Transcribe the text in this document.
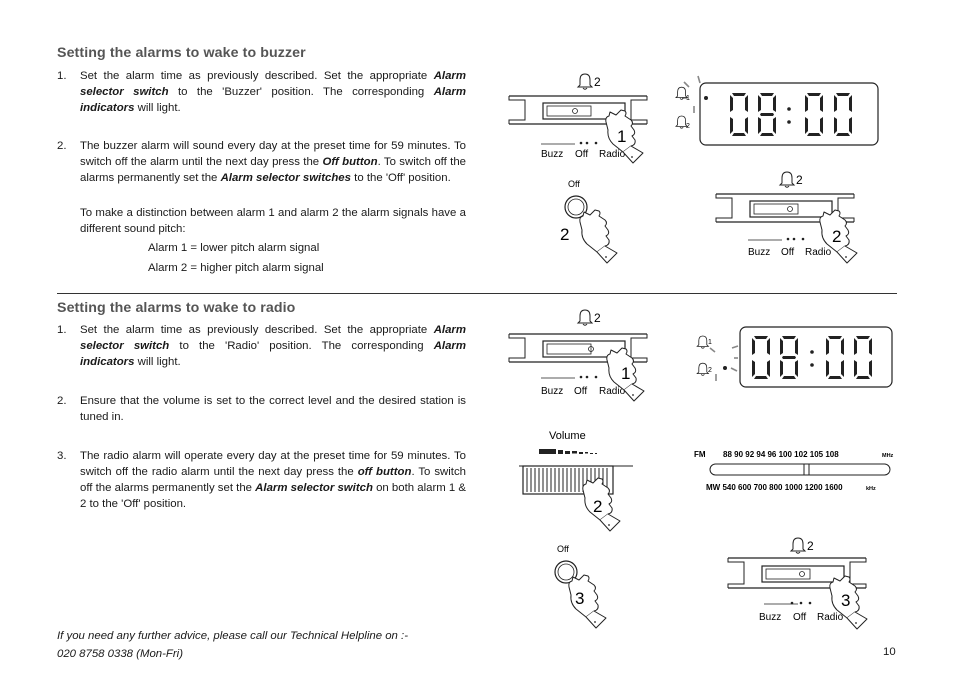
Setting the alarms to wake to buzzer
1. Set the alarm time as previously described. Set the appropriate Alarm selector switch to the 'Buzzer' position. The corresponding Alarm indicators will light.
2. The buzzer alarm will sound every day at the preset time for 59 minutes. To switch off the alarm until the next day press the Off button. To switch off the alarms permanently set the Alarm selector switches to the 'Off' position.
To make a distinction between alarm 1 and alarm 2 the alarm signals have a different sound pitch:
Alarm 1 = lower pitch alarm signal
Alarm 2 = higher pitch alarm signal
Setting the alarms to wake to radio
1. Set the alarm time as previously described. Set the appropriate Alarm selector switch to the 'Radio' position. The corresponding Alarm indicators will light.
2. Ensure that the volume is set to the correct level and the desired station is tuned in.
3. The radio alarm will operate every day at the preset time for 59 minutes. To switch off the radio alarm until the next day press the off button. To switch off the alarms permanently set the Alarm selector switch on both alarm 1 & 2 to the 'Off' position.
If you need any further advice, please call our Technical Helpline on :-
020 8758 0338 (Mon-Fri)	10
2
Buzz Off Radio
1
1
2
Off
2
2
Buzz Off Radio
2
2
Buzz Off Radio
1
1
2
Volume
2
FM 88 90 92 94 96 100 102 105 108	MHz
MW 540 600 700 800 1000 1200 1600	kHz
Off
3
2
Buzz Off Radio
3
